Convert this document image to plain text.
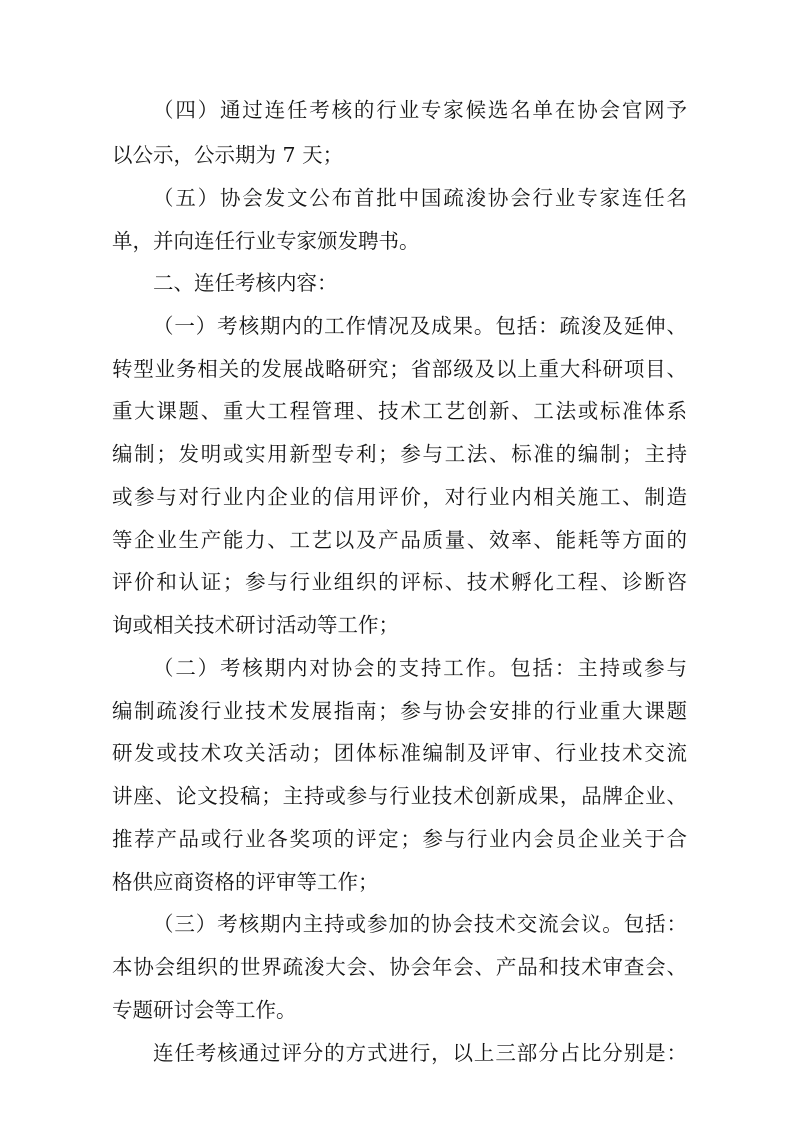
（四）通过连任考核的行业专家候选名单在协会官网予
以公示，公示期为 7 天；
（五）协会发文公布首批中国疏浚协会行业专家连任名
单，并向连任行业专家颁发聘书。
二、连任考核内容：
（一）考核期内的工作情况及成果。包括：疏浚及延伸、
转型业务相关的发展战略研究；省部级及以上重大科研项目、
重大课题、重大工程管理、技术工艺创新、工法或标准体系
编制；发明或实用新型专利；参与工法、标准的编制；主持
或参与对行业内企业的信用评价，对行业内相关施工、制造
等企业生产能力、工艺以及产品质量、效率、能耗等方面的
评价和认证；参与行业组织的评标、技术孵化工程、诊断咨
询或相关技术研讨活动等工作；
（二）考核期内对协会的支持工作。包括：主持或参与
编制疏浚行业技术发展指南；参与协会安排的行业重大课题
研发或技术攻关活动；团体标准编制及评审、行业技术交流
讲座、论文投稿；主持或参与行业技术创新成果，品牌企业、
推荐产品或行业各奖项的评定；参与行业内会员企业关于合
格供应商资格的评审等工作；
（三）考核期内主持或参加的协会技术交流会议。包括：
本协会组织的世界疏浚大会、协会年会、产品和技术审查会、
专题研讨会等工作。
连任考核通过评分的方式进行，以上三部分占比分别是：
